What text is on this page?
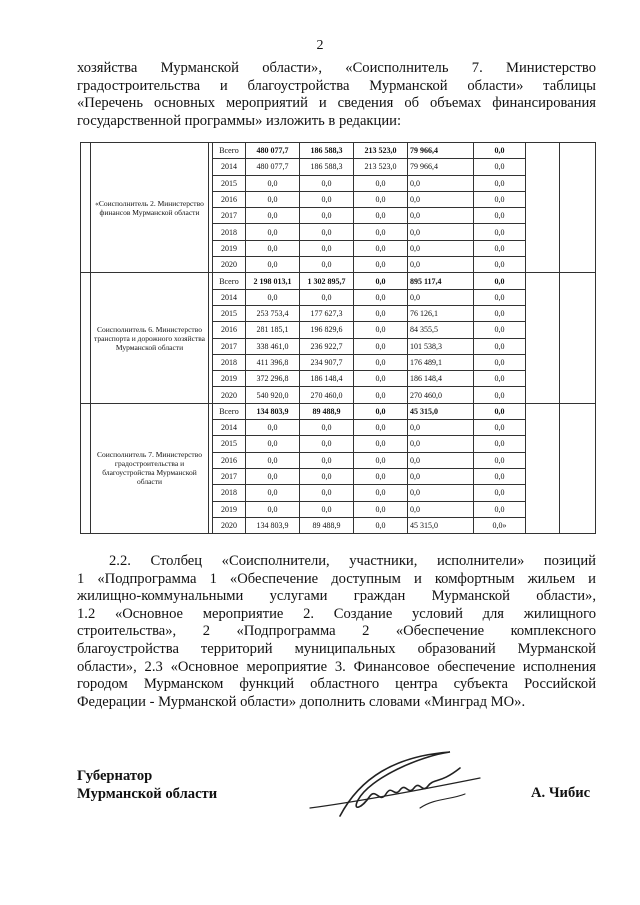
2
хозяйства Мурманской области», «Соисполнитель 7. Министерство
градостроительства и благоустройства Мурманской области» таблицы
«Перечень основных мероприятий и сведения об объемах финансирования
государственной программы» изложить в редакции:
	«Соисполнитель 2. Министерство финансов Мурманской области		Всего	480 077,7	186 588,3	213 523,0	79 966,4	0,0		
			2014	480 077,7	186 588,3	213 523,0	79 966,4	0,0		
			2015	0,0	0,0	0,0	0,0	0,0		
			2016	0,0	0,0	0,0	0,0	0,0		
			2017	0,0	0,0	0,0	0,0	0,0		
			2018	0,0	0,0	0,0	0,0	0,0		
			2019	0,0	0,0	0,0	0,0	0,0		
			2020	0,0	0,0	0,0	0,0	0,0		
	Соисполнитель 6. Министерство транспорта и дорожного хозяйства Мурманской области		Всего	2 198 013,1	1 302 895,7	0,0	895 117,4	0,0		
			2014	0,0	0,0	0,0	0,0	0,0		
			2015	253 753,4	177 627,3	0,0	76 126,1	0,0		
			2016	281 185,1	196 829,6	0,0	84 355,5	0,0		
			2017	338 461,0	236 922,7	0,0	101 538,3	0,0		
			2018	411 396,8	234 907,7	0,0	176 489,1	0,0		
			2019	372 296,8	186 148,4	0,0	186 148,4	0,0		
			2020	540 920,0	270 460,0	0,0	270 460,0	0,0		
	Соисполнитель 7. Министерство градостроительства и благоустройства Мурманской области		Всего	134 803,9	89 488,9	0,0	45 315,0	0,0		
			2014	0,0	0,0	0,0	0,0	0,0		
			2015	0,0	0,0	0,0	0,0	0,0		
			2016	0,0	0,0	0,0	0,0	0,0		
			2017	0,0	0,0	0,0	0,0	0,0		
			2018	0,0	0,0	0,0	0,0	0,0		
			2019	0,0	0,0	0,0	0,0	0,0		
			2020	134 803,9	89 488,9	0,0	45 315,0	0,0»		
2.2. Столбец «Соисполнители, участники, исполнители» позиций
1 «Подпрограмма 1 «Обеспечение доступным и комфортным жильем и
жилищно-коммунальными услугами граждан Мурманской области»,
1.2 «Основное мероприятие 2. Создание условий для жилищного
строительства», 2 «Подпрограмма 2 «Обеспечение комплексного
благоустройства территорий муниципальных образований Мурманской
области», 2.3 «Основное мероприятие 3. Финансовое обеспечение исполнения
городом Мурманском функций областного центра субъекта Российской
Федерации - Мурманской области» дополнить словами «Минград МО».
Губернатор
Мурманской области	А. Чибис
